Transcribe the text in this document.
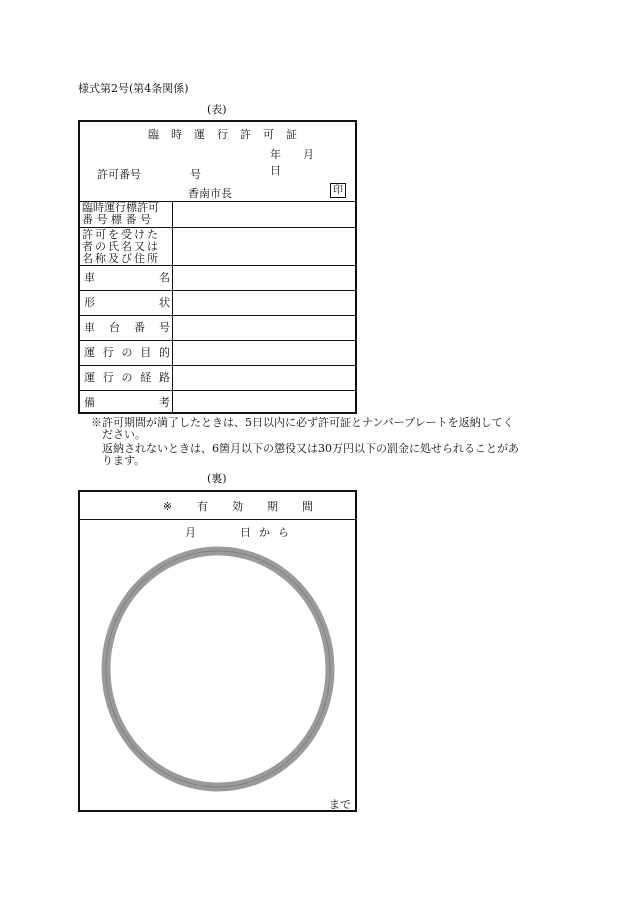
様式第2号(第4条関係)
(表)
臨 時 運 行 許 可 証
年 月日
許可番号	号
香南市長	印
臨時運行標許可
番 号 標 番 号
許可を受けた
者の氏名又は
名称及び住所
車	名
形	状
車 台 番 号
運 行 の 目 的
運 行 の 経 路
備	考
※許可期間が満了したときは、5日以内に必ず許可証とナンバープレートを返納してく
ださい。
返納されないときは、6箇月以下の懲役又は30万円以下の罰金に処せられることがあ
ります。
(裏)
※ 有 効 期 間
月	日から
まで
